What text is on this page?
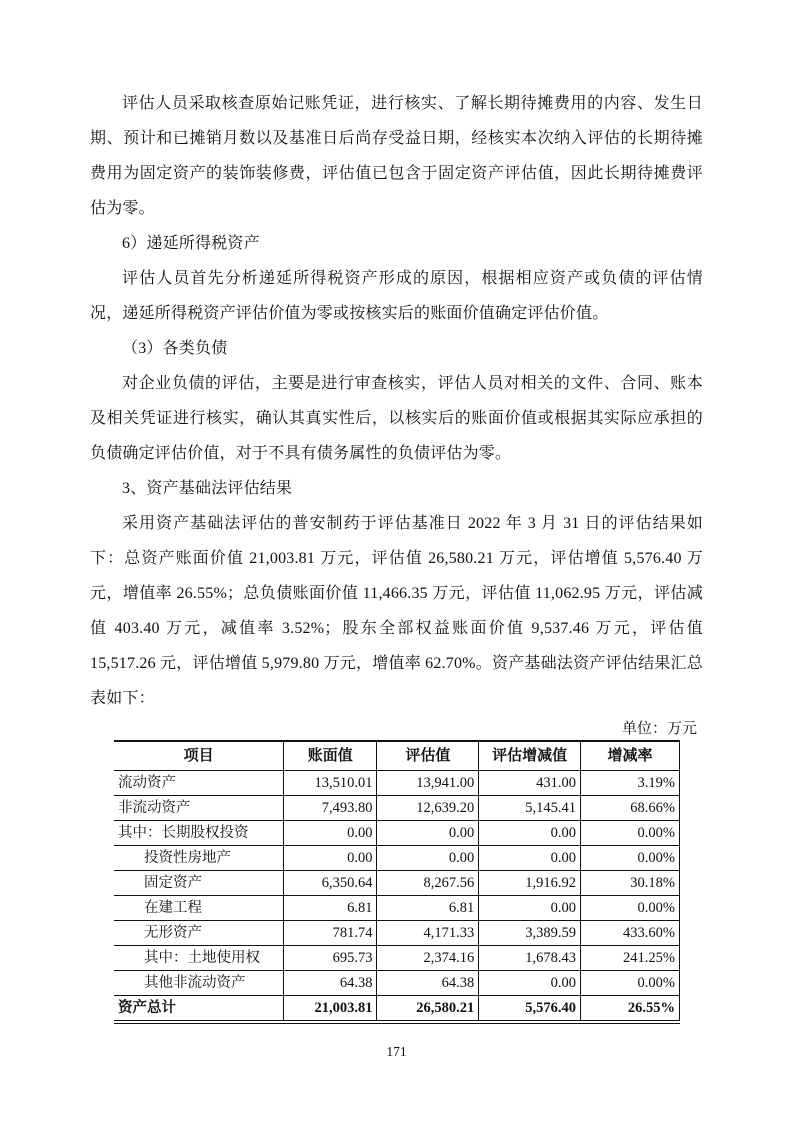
评估人员采取核查原始记账凭证，进行核实、了解长期待摊费用的内容、发生日期、预计和已摊销月数以及基准日后尚存受益日期，经核实本次纳入评估的长期待摊费用为固定资产的装饰装修费，评估值已包含于固定资产评估值，因此长期待摊费评估为零。

6）递延所得税资产

评估人员首先分析递延所得税资产形成的原因，根据相应资产或负债的评估情况，递延所得税资产评估价值为零或按核实后的账面价值确定评估价值。

（3）各类负债

对企业负债的评估，主要是进行审查核实，评估人员对相关的文件、合同、账本及相关凭证进行核实，确认其真实性后，以核实后的账面价值或根据其实际应承担的负债确定评估价值，对于不具有债务属性的负债评估为零。

3、资产基础法评估结果

采用资产基础法评估的普安制药于评估基准日 2022 年 3 月 31 日的评估结果如下：总资产账面价值 21,003.81 万元，评估值 26,580.21 万元，评估增值 5,576.40 万元，增值率 26.55%；总负债账面价值 11,466.35 万元，评估值 11,062.95 万元，评估减值 403.40 万元，减值率 3.52%；股东全部权益账面价值 9,537.46 万元，评估值 15,517.26 元，评估增值 5,979.80 万元，增值率 62.70%。资产基础法资产评估结果汇总表如下：

单位：万元
项目	账面值	评估值	评估增减值	增减率
流动资产	13,510.01	13,941.00	431.00	3.19%
非流动资产	7,493.80	12,639.20	5,145.41	68.66%
其中：长期股权投资	0.00	0.00	0.00	0.00%
投资性房地产	0.00	0.00	0.00	0.00%
固定资产	6,350.64	8,267.56	1,916.92	30.18%
在建工程	6.81	6.81	0.00	0.00%
无形资产	781.74	4,171.33	3,389.59	433.60%
其中：土地使用权	695.73	2,374.16	1,678.43	241.25%
其他非流动资产	64.38	64.38	0.00	0.00%
资产总计	21,003.81	26,580.21	5,576.40	26.55%
171
